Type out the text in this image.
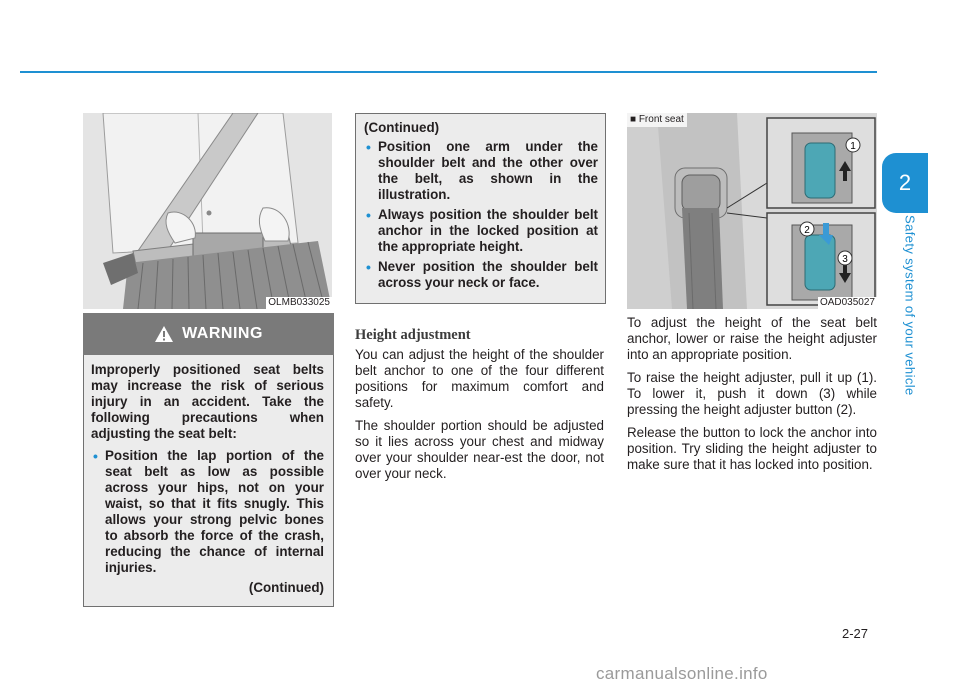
2
Safety system of your vehicle
OLMB033025
WARNING

Improperly positioned seat belts may increase the risk of serious injury in an accident. Take the following precautions when adjusting the seat belt:

• Position the lap portion of the seat belt as low as possible across your hips, not on your waist, so that it fits snugly. This allows your strong pelvic bones to absorb the force of the crash, reducing the chance of internal injuries.

(Continued)

(Continued)

• Position one arm under the shoulder belt and the other over the belt, as shown in the illustration.
• Always position the shoulder belt anchor in the locked position at the appropriate height.
• Never position the shoulder belt across your neck or face.
Height adjustment

You can adjust the height of the shoulder belt anchor to one of the four different positions for maximum comfort and safety.

The shoulder portion should be adjusted so it lies across your chest and midway over your shoulder near-est the door, not over your neck.

1
2
3
■ Front seat
OAD035027

To adjust the height of the seat belt anchor, lower or raise the height adjuster into an appropriate position.

To raise the height adjuster, pull it up (1). To lower it, push it down (3) while pressing the height adjuster button (2).

Release the button to lock the anchor into position. Try sliding the height adjuster to make sure that it has locked into position.

2-27
carmanualsonline.info
